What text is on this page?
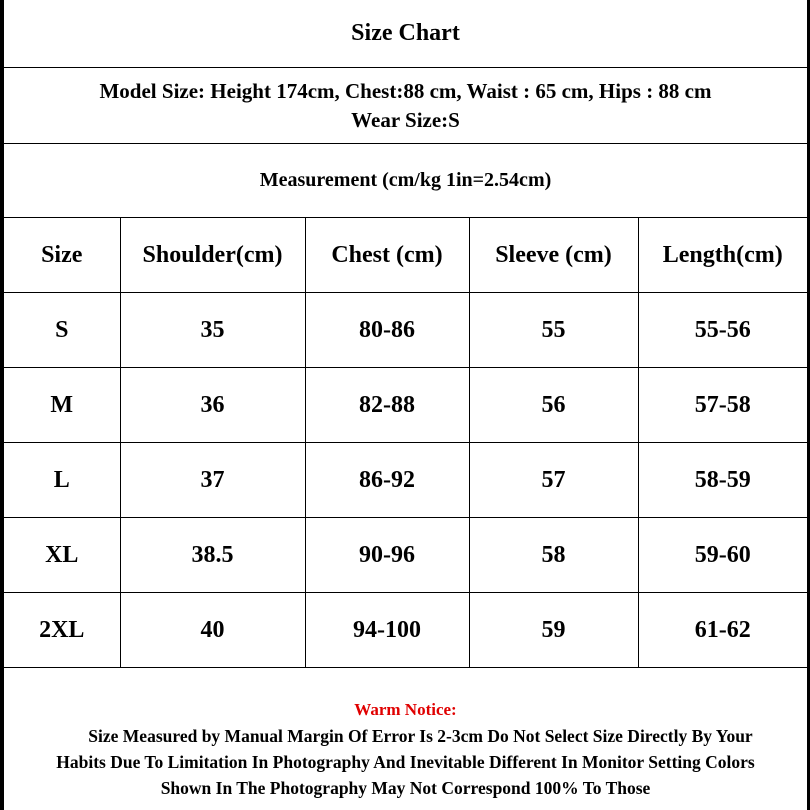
Size Chart
Model Size: Height 174cm, Chest:88 cm, Waist : 65 cm, Hips : 88 cm
Wear Size:S
Measurement (cm/kg 1in=2.54cm)
Size	Shoulder(cm)	Chest (cm)	Sleeve (cm)	Length(cm)
S	35	80-86	55	55-56
M	36	82-88	56	57-58
L	37	86-92	57	58-59
XL	38.5	90-96	58	59-60
2XL	40	94-100	59	61-62
Warm Notice:
Size Measured by Manual Margin Of Error Is 2-3cm Do Not Select Size Directly By Your
Habits Due To Limitation In Photography And Inevitable Different In Monitor Setting Colors
Shown In The Photography May Not Correspond 100% To Those
